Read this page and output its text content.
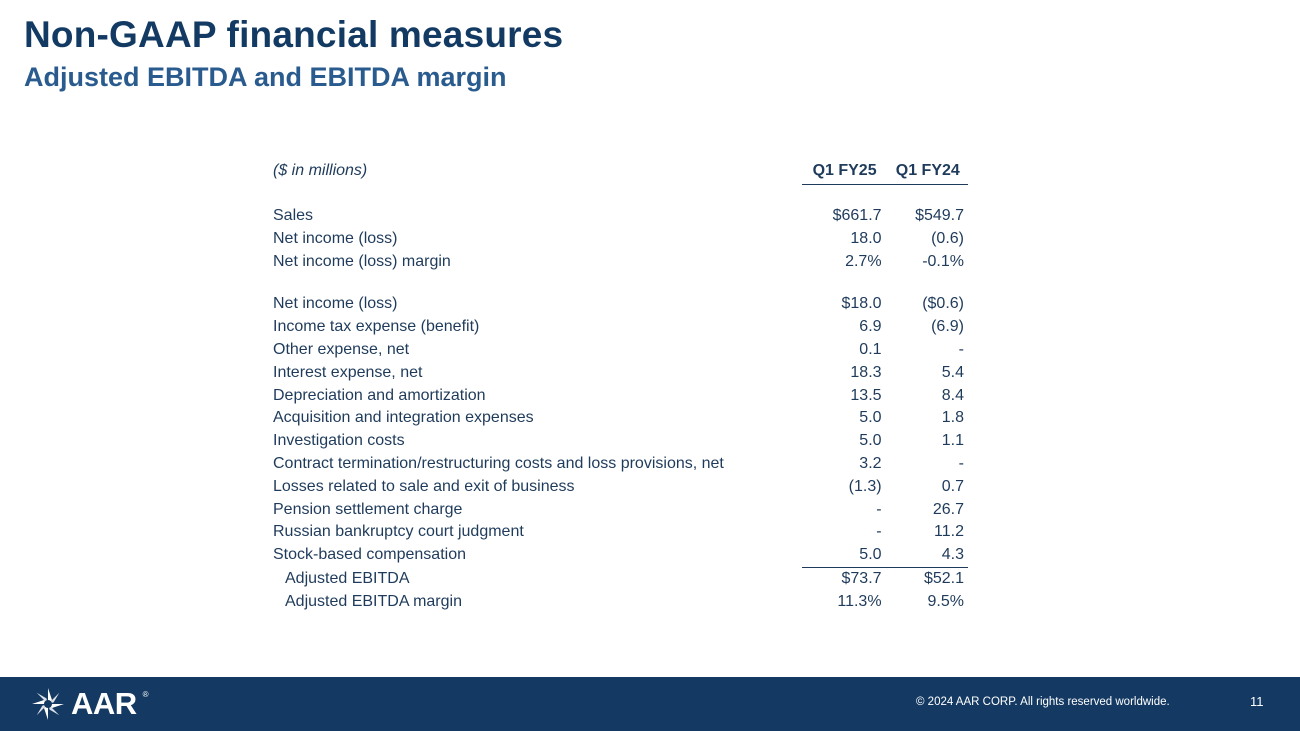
Non-GAAP financial measures
Adjusted EBITDA and EBITDA margin
($ in millions)	Q1 FY25	Q1 FY24

Sales	$661.7	$549.7
Net income (loss)	18.0	(0.6)
Net income (loss) margin	2.7%	-0.1%

Net income (loss)	$18.0	($0.6)
Income tax expense (benefit)	6.9	(6.9)
Other expense, net	0.1	-
Interest expense, net	18.3	5.4
Depreciation and amortization	13.5	8.4
Acquisition and integration expenses	5.0	1.8
Investigation costs	5.0	1.1
Contract termination/restructuring costs and loss provisions, net	3.2	-
Losses related to sale and exit of business	(1.3)	0.7
Pension settlement charge	-	26.7
Russian bankruptcy court judgment	-	11.2
Stock-based compensation	5.0	4.3
Adjusted EBITDA	$73.7	$52.1
Adjusted EBITDA margin	11.3%	9.5%
AAR ®
© 2024 AAR CORP. All rights reserved worldwide.	11
